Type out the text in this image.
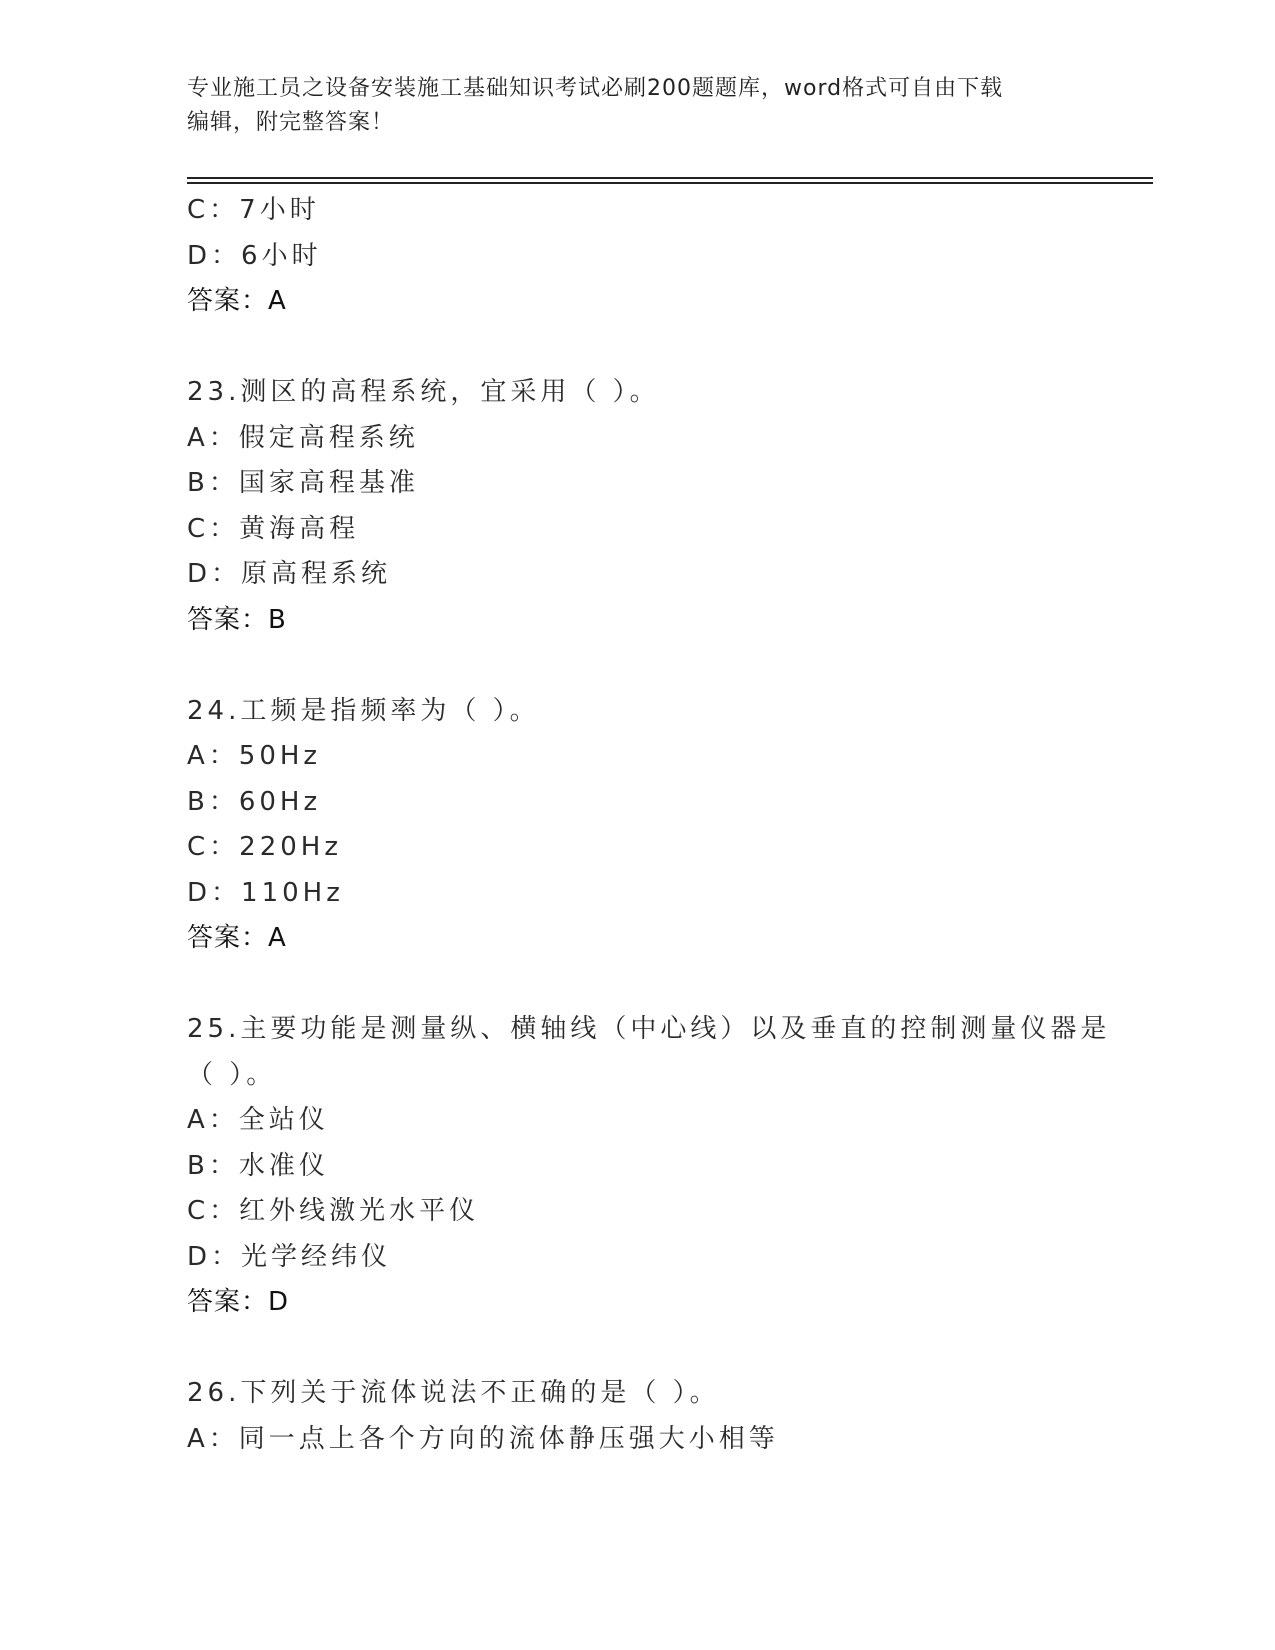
专业施工员之设备安装施工基础知识考试必刷200题题库，word格式可自由下载
编辑，附完整答案！
C：7小时
D：6小时
答案：A
23.测区的高程系统，宜采用（ ）。
A：假定高程系统
B：国家高程基准
C：黄海高程
D：原高程系统
答案：B
24.工频是指频率为（ ）。
A：50Hz
B：60Hz
C：220Hz
D：110Hz
答案：A
25.主要功能是测量纵、横轴线（中心线）以及垂直的控制测量仪器是
（ ）。
A：全站仪
B：水准仪
C：红外线激光水平仪
D：光学经纬仪
答案：D
26.下列关于流体说法不正确的是（ ）。
A：同一点上各个方向的流体静压强大小相等
